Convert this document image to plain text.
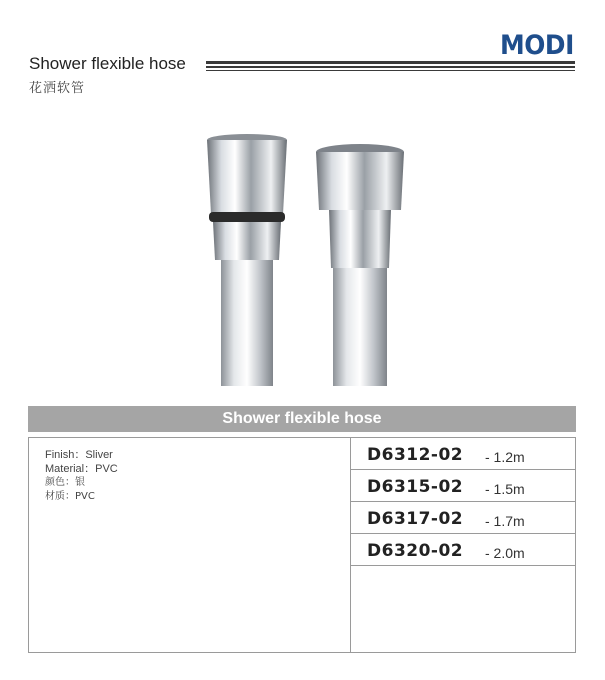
MODI
Shower flexible hose
花洒软管
Shower flexible hose
Finish：Sliver
Material：PVC
颜色：银
材质：PVC
D6312-02 - 1.2m
D6315-02 - 1.5m
D6317-02 - 1.7m
D6320-02 - 2.0m
